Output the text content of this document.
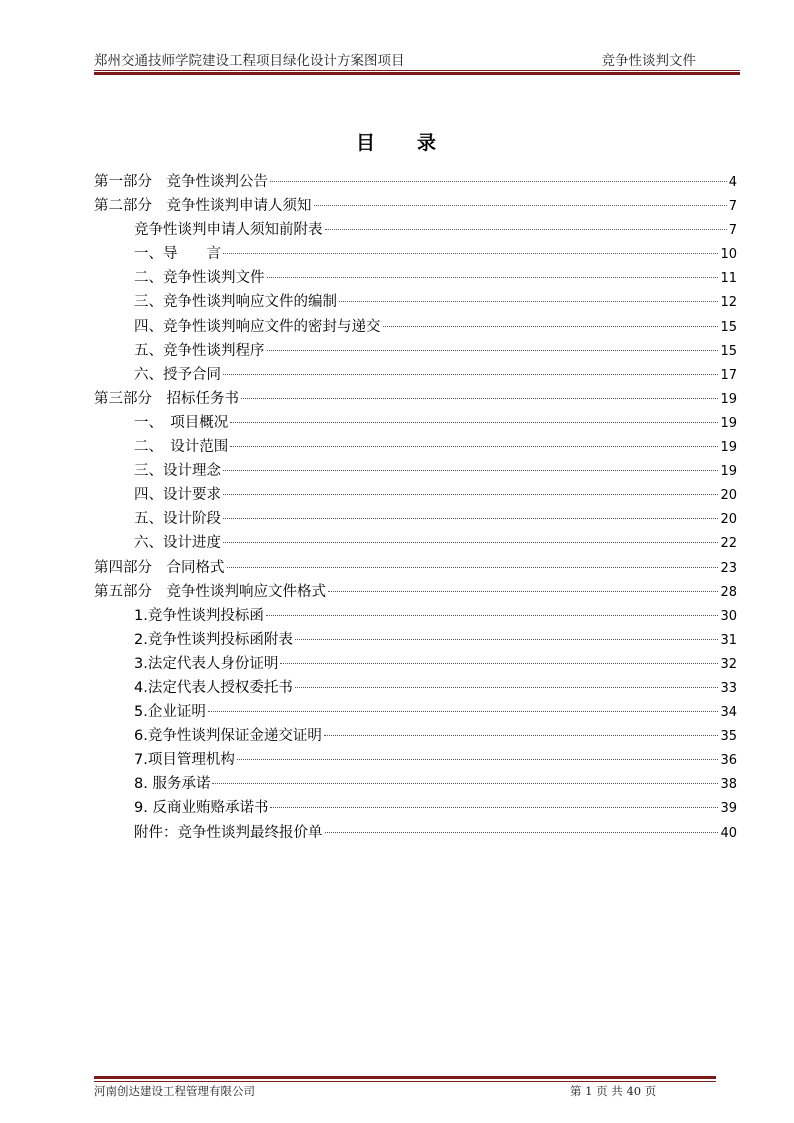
郑州交通技师学院建设工程项目绿化设计方案图项目	竞争性谈判文件
目 录
第一部分　竞争性谈判公告	4
第二部分　竞争性谈判申请人须知	7
竞争性谈判申请人须知前附表	7
一、导　　言	10
二、竞争性谈判文件	11
三、竞争性谈判响应文件的编制	12
四、竞争性谈判响应文件的密封与递交	15
五、竞争性谈判程序	15
六、授予合同	17
第三部分　招标任务书	19
一、　项目概况	19
二、　设计范围	19
三、设计理念	19
四、设计要求	20
五、设计阶段	20
六、设计进度	22
第四部分　合同格式	23
第五部分　竞争性谈判响应文件格式	28
1.竞争性谈判投标函	30
2.竞争性谈判投标函附表	31
3.法定代表人身份证明	32
4.法定代表人授权委托书	33
5.企业证明	34
6.竞争性谈判保证金递交证明	35
7.项目管理机构	36
8. 服务承诺	38
9. 反商业贿赂承诺书	39
附件：竞争性谈判最终报价单	40
河南创达建设工程管理有限公司	第 1 页 共 40 页
